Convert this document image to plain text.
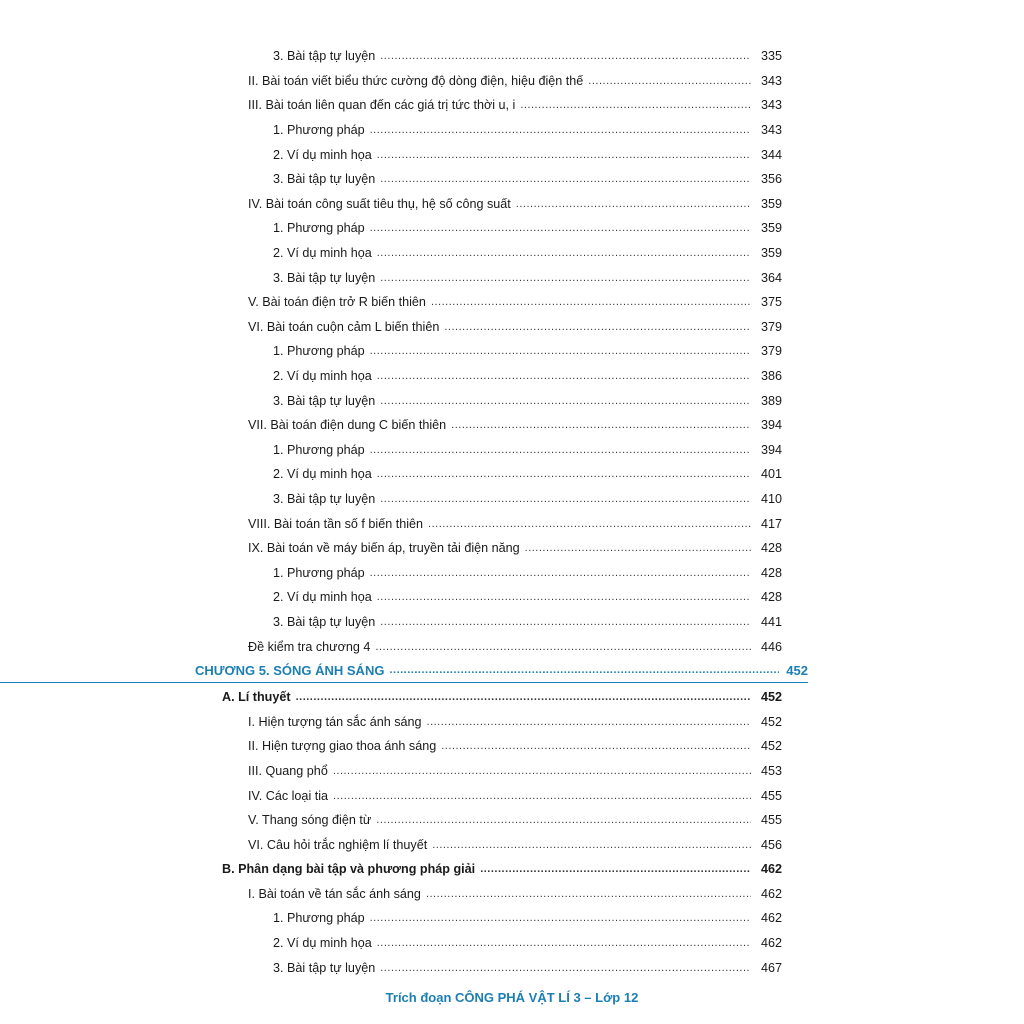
3. Bài tập tự luyện .....	335
II. Bài toán viết biểu thức cường độ dòng điện, hiệu điện thế .....	343
III. Bài toán liên quan đến các giá trị tức thời u, i .....	343
1. Phương pháp .....	343
2. Ví dụ minh họa .....	344
3. Bài tập tự luyện .....	356
IV. Bài toán công suất tiêu thụ, hệ số công suất .....	359
1. Phương pháp .....	359
2. Ví dụ minh họa .....	359
3. Bài tập tự luyện .....	364
V. Bài toán điện trở R biến thiên .....	375
VI. Bài toán cuộn cảm L biến thiên .....	379
1. Phương pháp .....	379
2. Ví dụ minh họa .....	386
3. Bài tập tự luyện .....	389
VII. Bài toán điện dung C biến thiên .....	394
1. Phương pháp .....	394
2. Ví dụ minh họa .....	401
3. Bài tập tự luyện .....	410
VIII. Bài toán tần số f biến thiên .....	417
IX. Bài toán về máy biến áp, truyền tải điện năng .....	428
1. Phương pháp .....	428
2. Ví dụ minh họa .....	428
3. Bài tập tự luyện .....	441
Đề kiểm tra chương 4 .....	446
CHƯƠNG 5. SÓNG ÁNH SÁNG .....	452
A. Lí thuyết .....	452
I. Hiện tượng tán sắc ánh sáng .....	452
II. Hiện tượng giao thoa ánh sáng .....	452
III. Quang phổ .....	453
IV. Các loại tia .....	455
V. Thang sóng điện từ .....	455
VI. Câu hỏi trắc nghiệm lí thuyết .....	456
B. Phân dạng bài tập và phương pháp giải .....	462
I. Bài toán về tán sắc ánh sáng .....	462
1. Phương pháp .....	462
2. Ví dụ minh họa .....	462
3. Bài tập tự luyện .....	467
Trích đoạn CÔNG PHÁ VẬT LÍ 3 – Lớp 12
